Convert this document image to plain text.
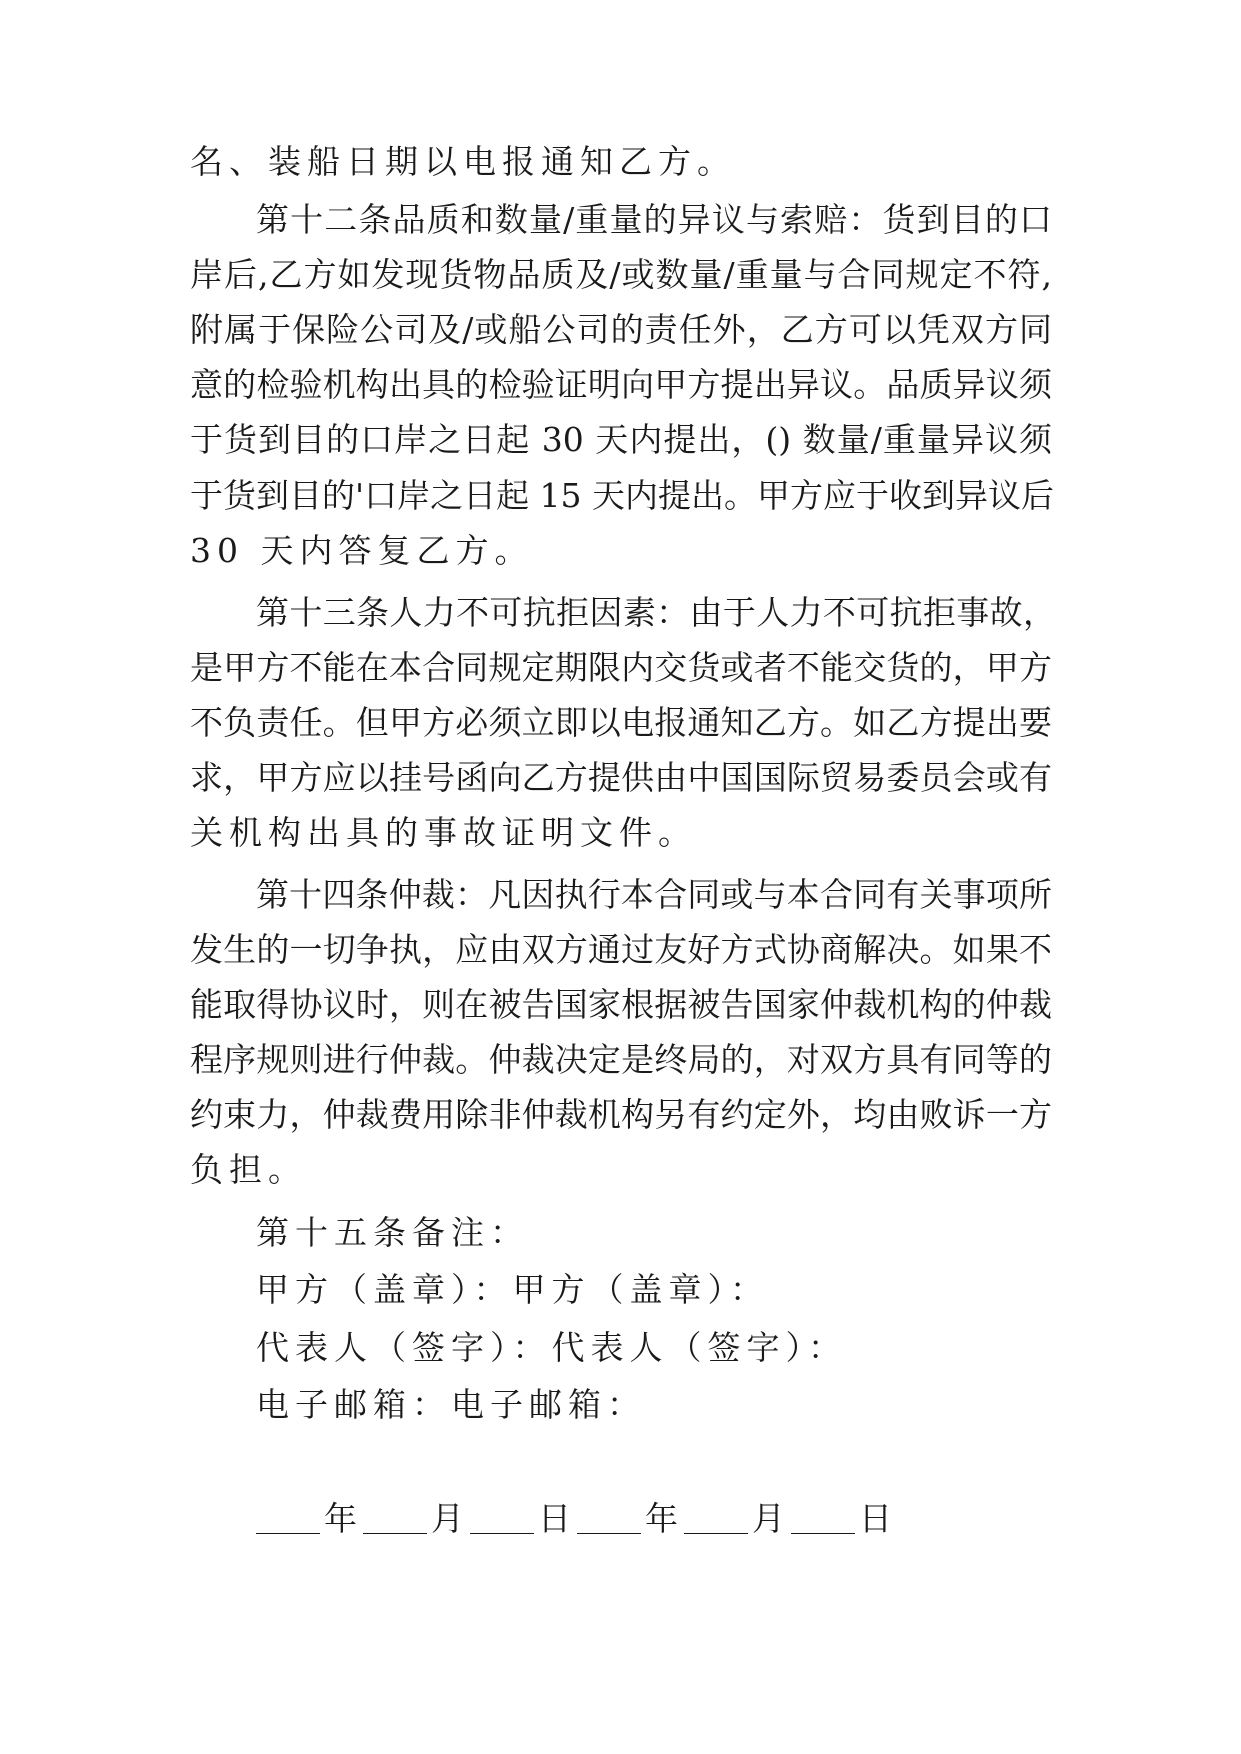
名、装船日期以电报通知乙方。
第十二条品质和数量/重量的异议与索赔：货到目的口
岸后,乙方如发现货物品质及/或数量/重量与合同规定不符,
附属于保险公司及/或船公司的责任外，乙方可以凭双方同
意的检验机构出具的检验证明向甲方提出异议。品质异议须
于货到目的口岸之日起 30 天内提出，() 数量/重量异议须
于货到目的'口岸之日起 15 天内提出。甲方应于收到异议后
30 天内答复乙方。
第十三条人力不可抗拒因素：由于人力不可抗拒事故，
是甲方不能在本合同规定期限内交货或者不能交货的，甲方
不负责任。但甲方必须立即以电报通知乙方。如乙方提出要
求，甲方应以挂号函向乙方提供由中国国际贸易委员会或有
关机构出具的事故证明文件。
第十四条仲裁：凡因执行本合同或与本合同有关事项所
发生的一切争执，应由双方通过友好方式协商解决。如果不
能取得协议时，则在被告国家根据被告国家仲裁机构的仲裁
程序规则进行仲裁。仲裁决定是终局的，对双方具有同等的
约束力，仲裁费用除非仲裁机构另有约定外，均由败诉一方
负担。
第十五条备注：
甲方（盖章）：甲方（盖章）：
代表人（签字）：代表人（签字）：
电子邮箱：电子邮箱：
年 月 日 年 月 日
